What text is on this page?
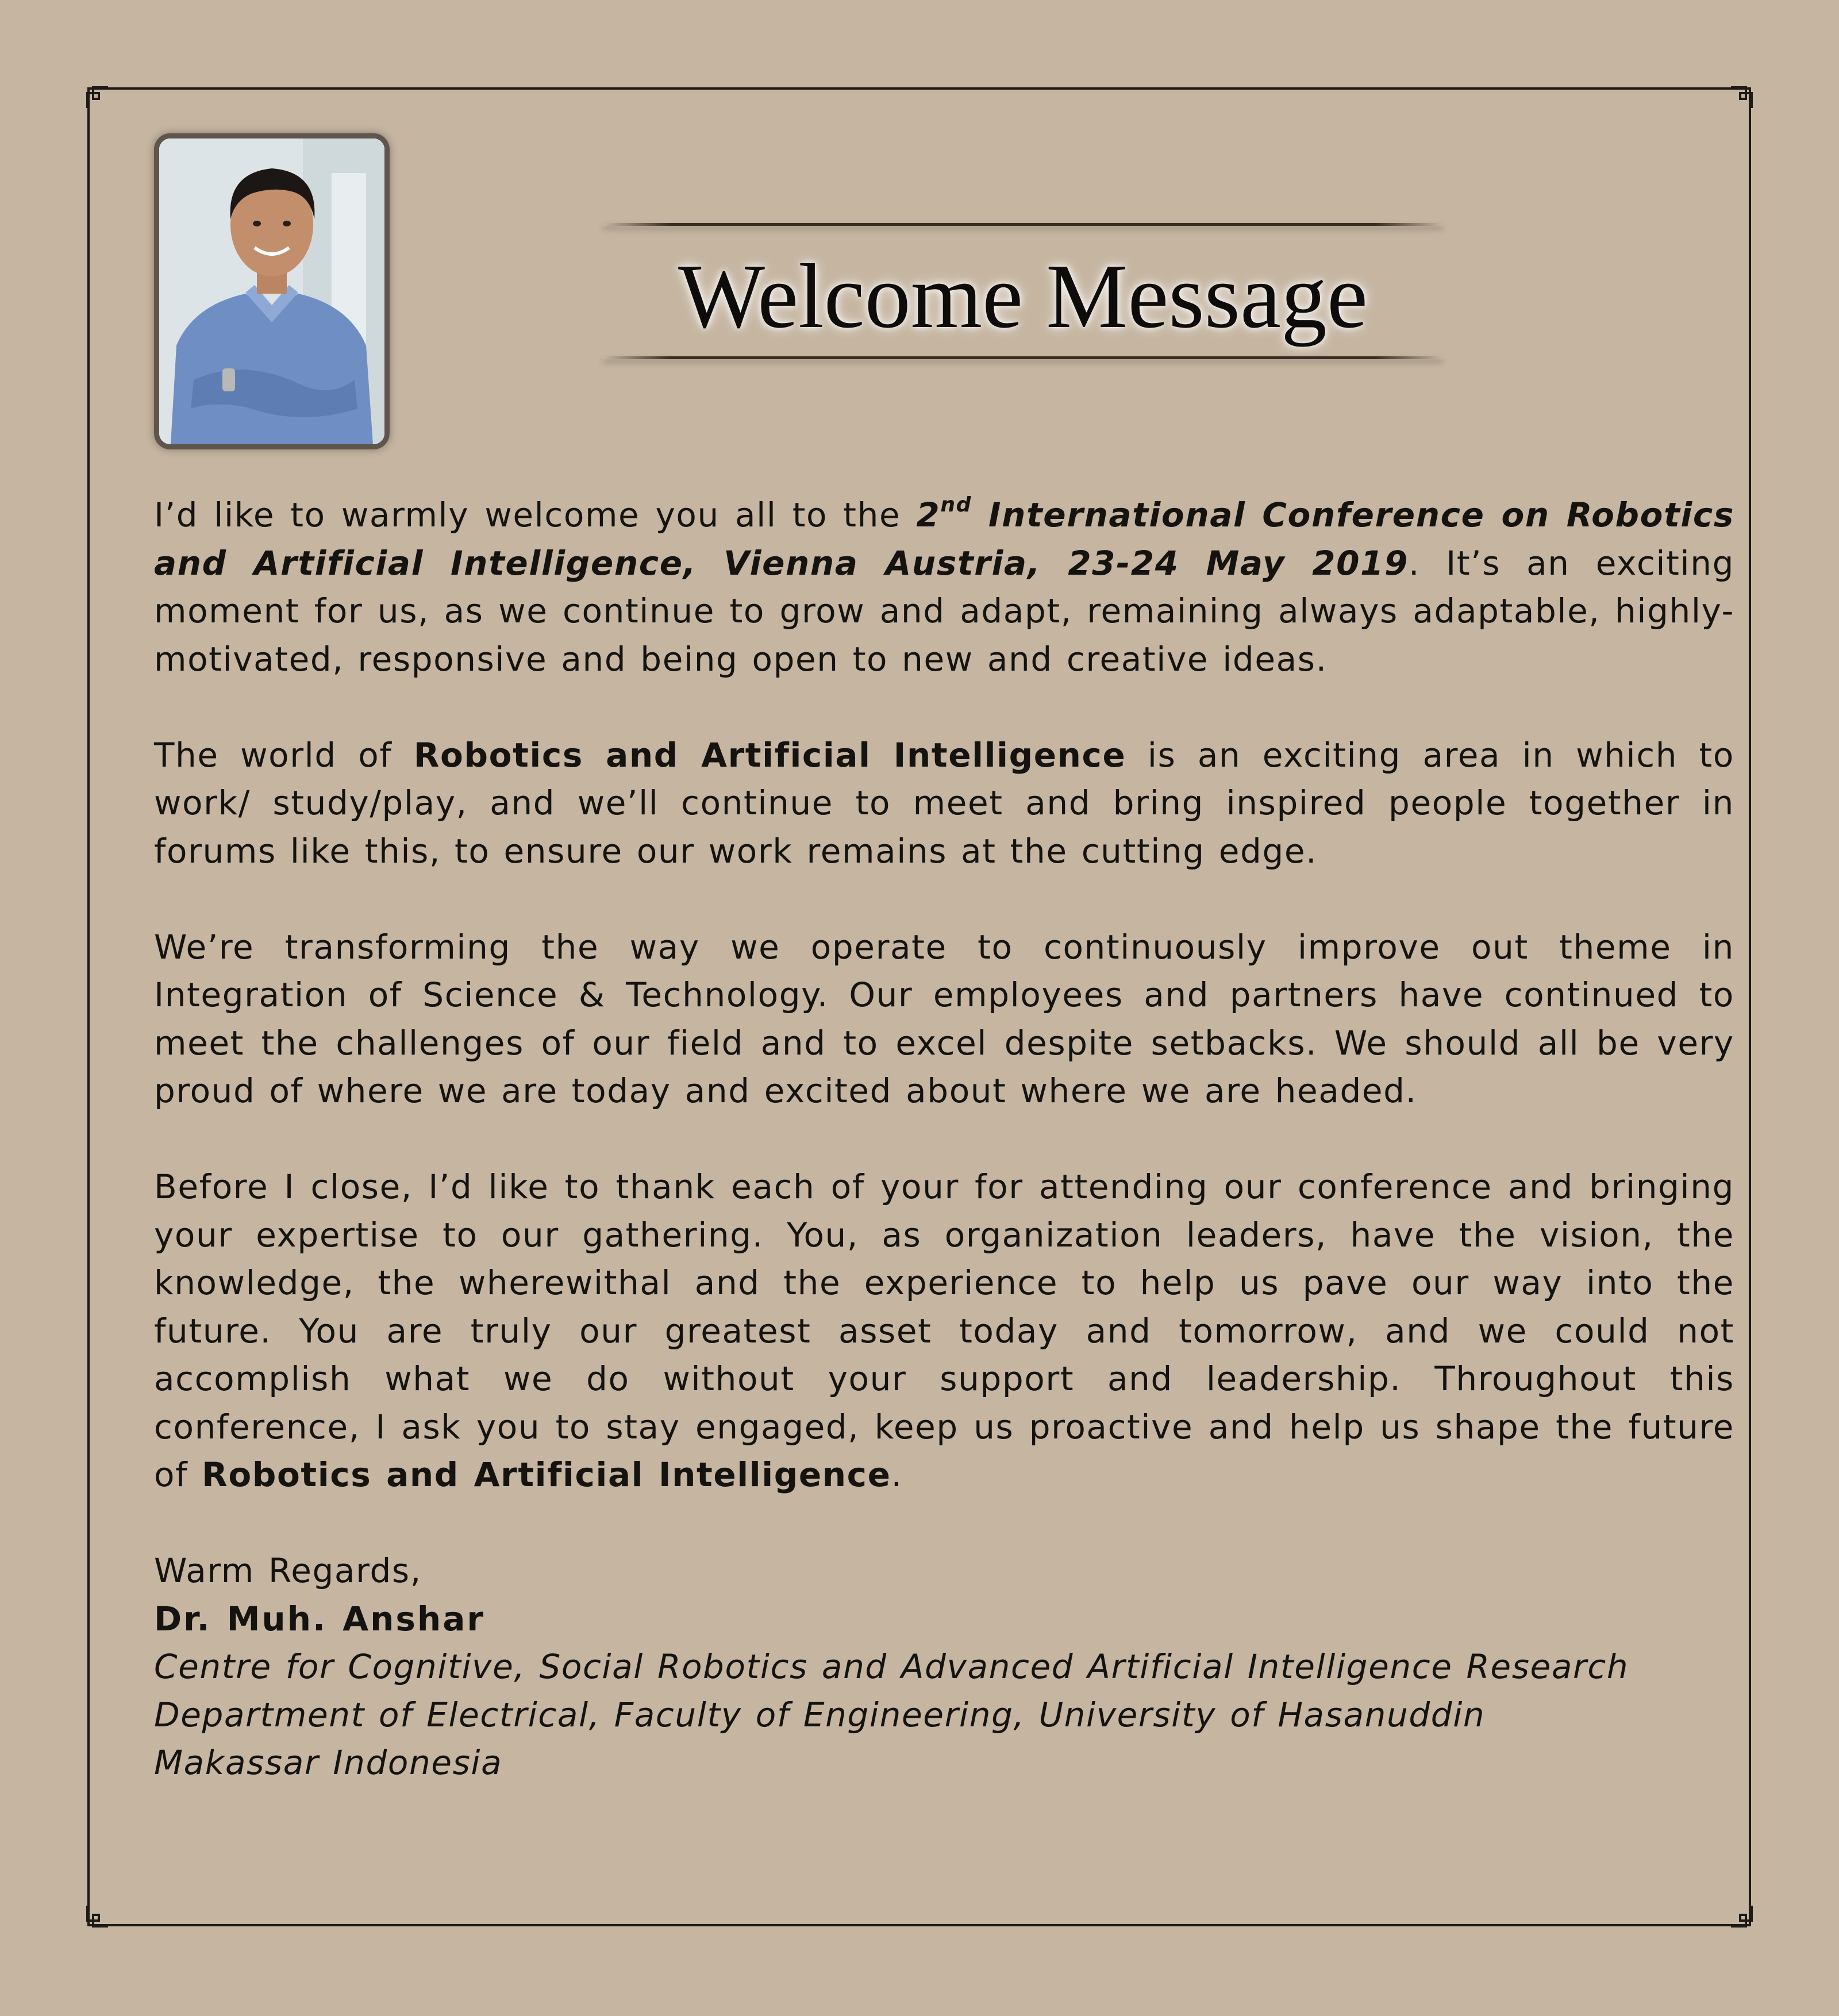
Welcome Message

I’d like to warmly welcome you all to the 2nd International Conference on Robotics and Artificial Intelligence, Vienna Austria, 23-24 May 2019. It’s an exciting moment for us, as we continue to grow and adapt, remaining always adaptable, highly-motivated, responsive and being open to new and creative ideas.

The world of Robotics and Artificial Intelligence is an exciting area in which to work/ study/play, and we’ll continue to meet and bring inspired people together in forums like this, to ensure our work remains at the cutting edge.

We’re transforming the way we operate to continuously improve out theme in Integration of Science & Technology. Our employees and partners have continued to meet the challenges of our field and to excel despite setbacks. We should all be very proud of where we are today and excited about where we are headed.

Before I close, I’d like to thank each of your for attending our conference and bringing your expertise to our gathering. You, as organization leaders, have the vision, the knowledge, the wherewithal and the experience to help us pave our way into the future. You are truly our greatest asset today and tomorrow, and we could not accomplish what we do without your support and leadership. Throughout this conference, I ask you to stay engaged, keep us proactive and help us shape the future of Robotics and Artificial Intelligence.

Warm Regards,
Dr. Muh. Anshar
Centre for Cognitive, Social Robotics and Advanced Artificial Intelligence Research
Department of Electrical, Faculty of Engineering, University of Hasanuddin
Makassar Indonesia
